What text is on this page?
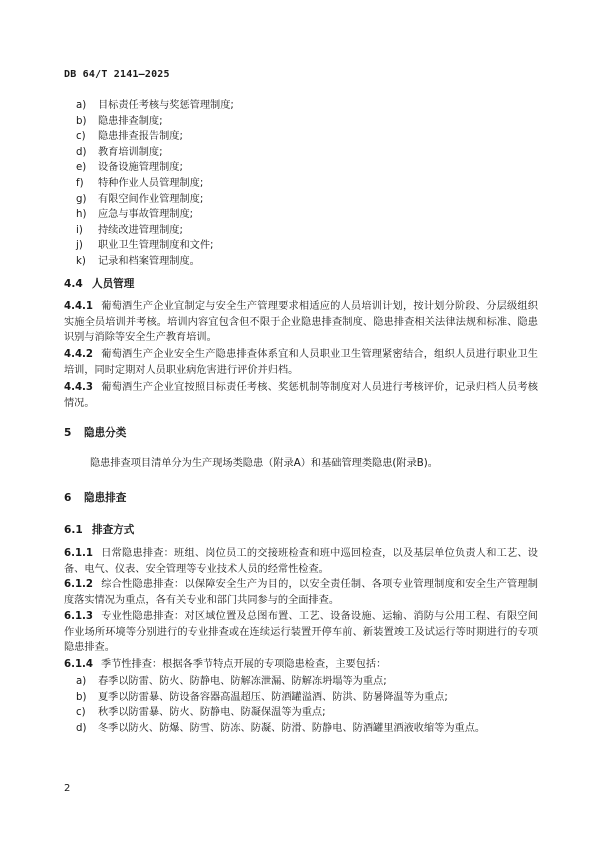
DB 64/T 2141—2025
a)	目标责任考核与奖惩管理制度;
b)	隐患排查制度;
c)	隐患排查报告制度;
d)	教育培训制度;
e)	设备设施管理制度;
f)	特种作业人员管理制度;
g)	有限空间作业管理制度;
h)	应急与事故管理制度;
i)	持续改进管理制度;
j)	职业卫生管理制度和文件;
k)	记录和档案管理制度。
4.4 人员管理
4.4.1 葡萄酒生产企业宜制定与安全生产管理要求相适应的人员培训计划，按计划分阶段、分层级组织实施全员培训并考核。培训内容宜包含但不限于企业隐患排查制度、隐患排查相关法律法规和标准、隐患识别与消除等安全生产教育培训。
4.4.2 葡萄酒生产企业安全生产隐患排查体系宜和人员职业卫生管理紧密结合，组织人员进行职业卫生培训，同时定期对人员职业病危害进行评价并归档。
4.4.3 葡萄酒生产企业宜按照目标责任考核、奖惩机制等制度对人员进行考核评价，记录归档人员考核情况。
5 隐患分类
隐患排查项目清单分为生产现场类隐患（附录A）和基础管理类隐患(附录B)。
6 隐患排查
6.1 排查方式
6.1.1 日常隐患排查：班组、岗位员工的交接班检查和班中巡回检查，以及基层单位负责人和工艺、设备、电气、仪表、安全管理等专业技术人员的经常性检查。
6.1.2 综合性隐患排查：以保障安全生产为目的，以安全责任制、各项专业管理制度和安全生产管理制度落实情况为重点，各有关专业和部门共同参与的全面排查。
6.1.3 专业性隐患排查：对区域位置及总图布置、工艺、设备设施、运输、消防与公用工程、有限空间作业场所环境等分别进行的专业排查或在连续运行装置开停车前、新装置竣工及试运行等时期进行的专项隐患排查。
6.1.4 季节性排查：根据各季节特点开展的专项隐患检查，主要包括：
a)	春季以防雷、防火、防静电、防解冻泄漏、防解冻坍塌等为重点;
b)	夏季以防雷暴、防设备容器高温超压、防酒罐溢酒、防洪、防暑降温等为重点;
c)	秋季以防雷暴、防火、防静电、防凝保温等为重点;
d)	冬季以防火、防爆、防雪、防冻、防凝、防滑、防静电、防酒罐里酒液收缩等为重点。
2
